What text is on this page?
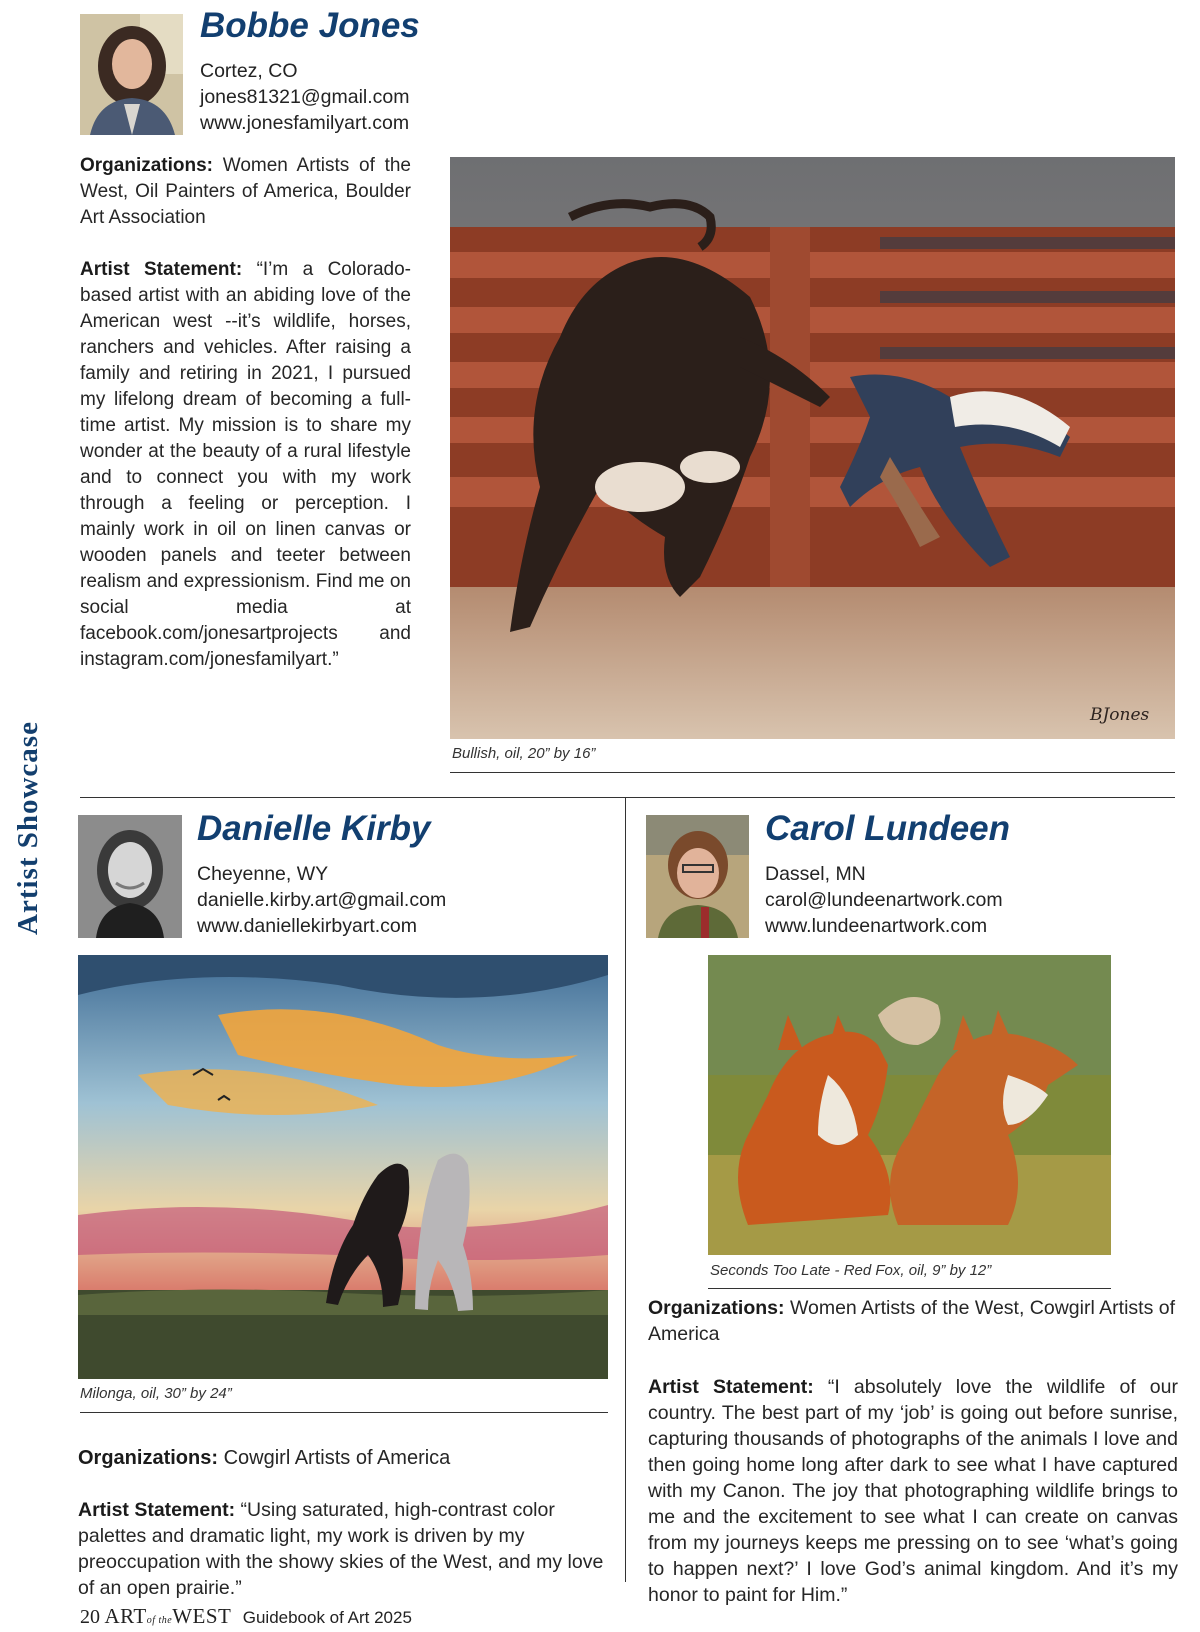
Artist Showcase
Bobbe Jones
Cortez, CO
jones81321@gmail.com
www.jonesfamilyart.com
Organizations: Women Artists of the West, Oil Painters of America, Boulder Art Association
Artist Statement: “I’m a Colorado-based artist with an abiding love of the American west --it’s wildlife, horses, ranchers and vehicles. After raising a family and retiring in 2021, I pursued my lifelong dream of becoming a full-time artist. My mission is to share my wonder at the beauty of a rural lifestyle and to connect you with my work through a feeling or perception. I mainly work in oil on linen canvas or wooden panels and teeter between realism and expressionism. Find me on social media at facebook.com/jonesartprojects and instagram.com/jonesfamilyart.”
BJones
Bullish, oil, 20” by 16”
Danielle Kirby
Cheyenne, WY
danielle.kirby.art@gmail.com
www.daniellekirbyart.com
Milonga, oil, 30” by 24”
Organizations: Cowgirl Artists of America
Artist Statement: “Using saturated, high-contrast color palettes and dramatic light, my work is driven by my preoccupation with the showy skies of the West, and my love of an open prairie.”
Carol Lundeen
Dassel, MN
carol@lundeenartwork.com
www.lundeenartwork.com
Seconds Too Late - Red Fox, oil, 9” by 12”
Organizations: Women Artists of the West, Cowgirl Artists of America
Artist Statement: “I absolutely love the wildlife of our country. The best part of my ‘job’ is going out before sunrise, capturing thousands of photographs of the animals I love and then going home long after dark to see what I have captured with my Canon. The joy that photographing wildlife brings to me and the excitement to see what I can create on canvas from my journeys keeps me pressing on to see ‘what’s going to happen next?’ I love God’s animal kingdom. And it’s my honor to paint for Him.”
20 ARTof theWEST Guidebook of Art 2025
